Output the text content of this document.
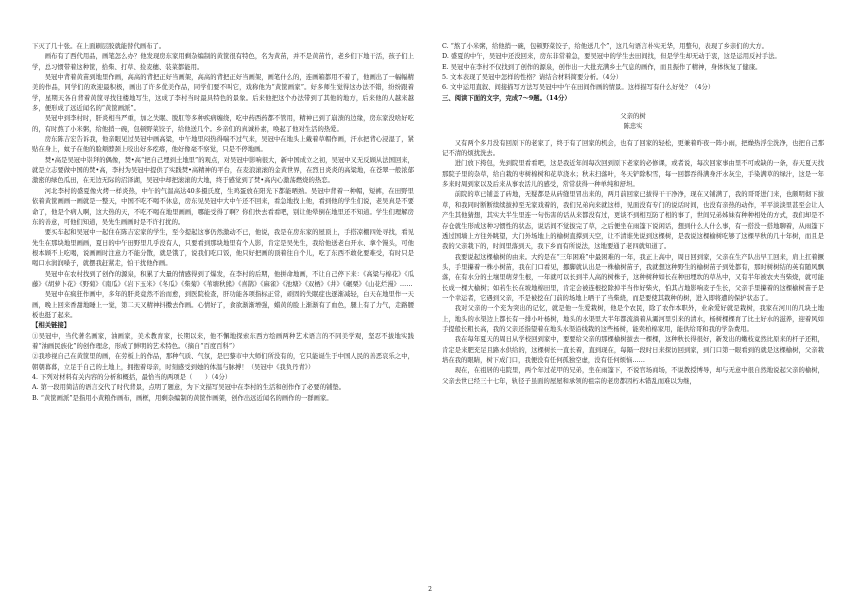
下灭了几十张。在上面刷层胶就能替代画布了。

画布有了西代用品，画笔怎么办？他发现房东家用剩杂编制的黄筐很有特色，名为黄苗，并不是黄苗竹，老乡们下地干活，孩子们上学，总习惯带着这种筐，拾柴、打草、捡麦穗、装菜都能用。

吴冠中背着黄苗到地里作画，高高的背把正好当画架，高高的背把正好当画架，画笔什么的，连画箱都用不着了，他画出了一幅幅精美的作品，同学们的欢迎最积极，画出了许多优美作品，同学们要不叫它，戏称他为“黄筐画家”。好多师生觉得这办法不错，纷纷跟着学，星期天各自背着黄筐寻找往楼地写生，这成了李村当时最具特色的景象。后来他把这个办法带到了其他的地方，后来他的人越来越多，便形成了远近闻名的“黄筐画派”。

吴冠中到李村时，肝炎相当严重，加之失眠、脱肛等多种疾病缠绕，吃中药西药都不管用，精神已到了崩溃的边缘，房东家没啥好吃的，有时熬了小米粥，给他捎一碗，包顿野菜饺子，给他送几个。乡亲们的真诚朴素，唤起了他对生活的热爱。

房东陈吉宏告诉我，他亲眼见过吴冠中画高粱，中午地里闷热得喘不过气来，吴冠中在地头上戴着草帽作画，汗水把背心浸湿了，紧贴在身上，蚊子在他的脸颊脖颈上咬出好多疙瘩，他好像毫不察觉，只是不停地画。

焚•高是吴冠中崇拜的偶像，焚•高“把自己埋到土地里”的观点，对吴冠中影响很大，新中国成立之初，吴冠中又无反顾从法国回来，就是立志要做中国的焚•高，李村为吴冠中提供了实践焚•高精神的平台，在麦浪滚滚的金黄世界，在烈日炎炎的高粱地，在苍翠一般浓郁激密的绿色瓜田，在无边无际的沼泽湖，吴冠中却把滚滚的大地，终于感觉到了焚•高内心激荡燃烧的热恋。

河北李村的盛夏像火烤一样炎热，中午的气温高达40多摄氏度，生鸡蛋放在阳光下都能晒熟。吴冠中背着一种帽，短裤，在田野里依着黄筐画画一画就是一整天，中国不吃不喝不休息，房东见吴冠中大中午还不回来，看急地找上他，看到他的学生们说，老吴真是不要命了，他是个病人啊，这大热的天，不吃不喝在地里画画，哪能受得了啊？你们快去看看吧，别让他晕倒在地里还不知道。学生们理解房东的善意，可他们知道，吴先生画画时是不许打扰的。

要买车起和吴冠中一起住在陈吉宏家的学生，至今提起这事仍然激动不已，他说，我是在房东家的屋顶上，手搭凉棚四处寻找，看见先生在那块地里画画，夏日的中午田野里几乎没有人，只要看到那块地里有个人影，肯定是吴先生，我给他送老白开水、拿个馒头，可他根本顾不上吃喝，说画画时注意力不能分散，就是饿了，说我们吃口饭，他只好把画的顶着往自个儿，吃了东西不敢化要难受，有时只是喝口水润润嗓子，就摆我赶紧走，怕干扰他作画。

吴冠中在农村找到了创作的源泉，积累了大量的情感得到了爆发，在李村的后期，他拼命地画，不让自己停下来：《高粱与棉花》《瓜藤》《胡萝卜花》《野菊》《南瓜》《岩下玉米》《冬瓜》《柴菊》《苇塘秋熊》《喜鹊》《麻雀》《池塘》《双栖》《井》《碾栗》《山花烂漫》……

吴冠中在疯狂作画中，多年的肝炎竟然不治而愈，到医院检查，肝功能各项指标正常，顽固的失眠症也逐渐减轻，白天在地里作一天画，晚上回来香甜地睡上一觉，第二天又精神抖擞去作画。心情好了，食欲渐渐增强，蜡黄的脸上渐渐有了血色，腿上有了力气，走路腰板也挺了起来。

【相关链接】

①吴冠中，当代著名画家，油画家，美术教育家，长期以来，他不懈地探索东西方绘画两种艺术语言的不同美学观，坚忍不拔地实践着“油画民族化”的创作理念，形成了鲜明的艺术特色。（摘自“百度百科”）

②我珍视自己在黄筐里的画，在劳板上的作品，那种气质、气氛，是巴黎市中大师们所没有的，它只能诞生于中国人民的善恶哀乐之中，朝朝暮暮，立足于自己的土地上，拥抱着母亲，时刻感受到她的体温与脉搏！（吴冠中《我负丹青》）

4. 下列对材料有关内容的分析和概括，最恰当的两项是（　　）（4分）

A. 第一段用简洁的语言交代了时代背景，点明了题意，为下文描写吴冠中在李村的生活和创作作了必要的铺垫。

B. “黄筐画派”是指用小黄粮作画布，画框，用剩杂编制的黄筐作画架，创作出远近闻名的画作的一群画家。

C. “熬了小米粥，给他捎一碗，包顿野菜饺子，给他送几个”，这几句语言朴实无华，用整句，表现了乡亲们的大方。

D. 盛夏的中午，吴冠中还没回来，房东非常着急，要吴冠中的学生去田间找，但是学生却无动于衷，这是运用反衬手法。

E. 吴冠中在李村不仅找到了创作的源泉，创作出一大批充满乡土气息的画作，而且振作了精神，身体恢复了健康。

5. 文本表现了吴冠中怎样的性格？请结合材料简要分析。（4分）

6. 文中运用直叙、间接描写方法写吴冠中中午在田间作画的情景。这样描写有什么好处？（4分）

三、阅读下面的文字，完成7～9题。（14分）

父亲的树

陈忠实

又有两个多月没有回原下的老家了，终于有了回家的机会，也有了回家的轻松，更兼着昨夜一阵小雨，把燥热浮尘洗净，也把自己那记不清的烦扰洗去。

进门放下挎包，先到院里看看吧，这是我近年间每次回到原下老家的必修课，或者说，每次回家事由里不可或缺的一条，春天夏天找那院子里的杂草，给自栽的枣树棉树和花草浇水；秋末扫落叶，冬天铲除积雪，每一回都吞得满身汗水灰尘，手染满草的绿汁，这是一年多来时周到家以及后来从事农活儿的感受，常常获得一种单纯和舒坦。

前院的草已铺盖了砖地，无疑都是从砖缝里冒出来的，两月前回家已拔得干干净净，现在又铺满了，我的哥哥进门来，也颇明彻下拔草，和我同时断断续续拔掉至无家戏着的，我们兄弟向来就这样，见面没有专门的说话时间，也没有亲热的动作，平平淡淡里甚至会让人产生其他猜想，其实大半生里连一句伤害的话从来都没有过，更谈不到相互防了相的事了，世间兄弟姊妹有种种相处的方式，我们却是不存仓就生形成这种习惯性的状态，说话间不觉拔完了草，之后便坐在雨篷下说闲话，想到什么人什么事，有一搭没一搭地聊着，从雨篷下透过国墙上方往外眺望，大门外场地上的榆树直撑到天空，让不清谁先说到这棵树，是我说这棵榆树吃够了这棵早秋的几十年树，而且是我的父亲栽下的，时间里落到天，我下乡而有所说法，这地要通了老四就知道了。

我要说起这棵榆树的由来。大约是在“三年困难”中最困难的一年，我正上高中，周日回到家，父亲在生产队出早工回来，肩上扛着撅头，手里攥着一株小树苗，我在门口看见，挪脚就认出是一株榆树苗子，我就想这种野生的榆树苗子到处都有，那时树树结的英有随风飘落，在有水分的土壤里萌芽生根，一年就可以长到半人高的树株子，这种树种如长在种田埋坎的草丛中，又有半年被农夫当柴烧，就可能长成一棵大榆树；如若生长在坡地棉田里，肯定会被连根挖除掉半当作好柴火，怕其占地影响麦子生长，父亲手里攥着的这棵榆树苗子是一个幸运者，它遇到父亲，不是被挖在门前的场地上晒干了当柴烧，而是要使其栽种的树，进入即将遭的保护状态了。

我对父亲的一个充为突出的记忆，就是他一生爱栽树，他是个农民，除了农作本职外，业余爱好就是栽树，我家在河川的几块土地上，地头的水渠边上都长有一排小叶杨树，地头的水渠里大半年都流淌着从灞河里引来的清水，杨树棵棵育了比土好水的滋养，迎着风如手提般长粗长高，我的父亲还指望着在地头水渠沿线栽的这些杨树，能卖柏棉家用，能供给哥和我的学杂费用。

我在每年夏天的周日从学校回到家中，要要给父亲的那棵榆树拔去一棵棵，这种秋长得很好，新发出的嫩枝竟然比原来的杆子还粗，肯定是来肥充足且路水供给的，这棵树长一直长着，直到现在，每隔一段时日来探访回到家，到门口第一眼看到的就是这棵榆树，父亲栽培在我的眼睛，树下成门口，我便没有任何孤独空虚，没有任何烦恼……

现在，在祖居的屯院里，两个年过花甲的兄弟，坐在雨篷下，不说官场商场，不说教授博导，却与无意中很自然地说起父亲的榆树，父亲去世已经三十七年，轨径子虽面的屋屋和承领的祖宗的老房都因朽木错乱而难以为继，

2
